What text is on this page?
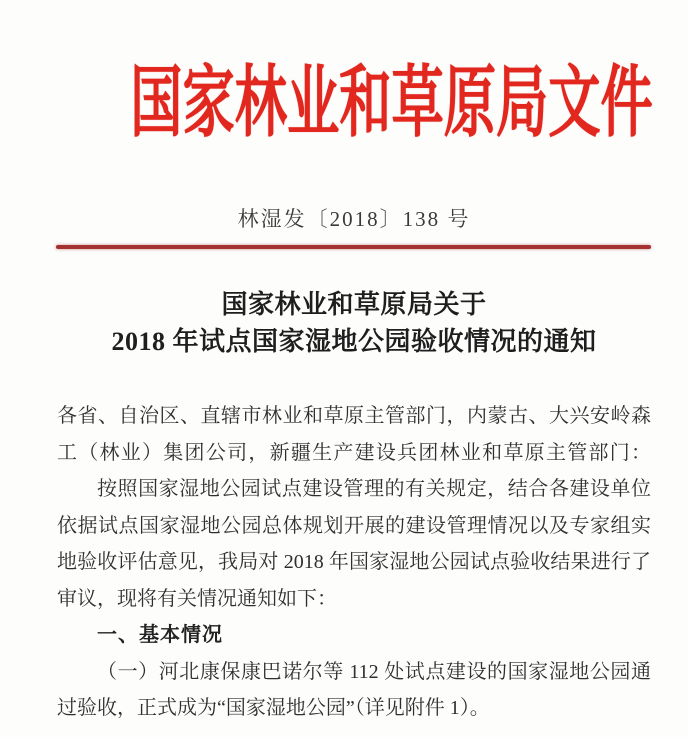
国家林业和草原局文件
林湿发〔2018〕138 号
国家林业和草原局关于
2018 年试点国家湿地公园验收情况的通知

各省、自治区、直辖市林业和草原主管部门，内蒙古、大兴安岭森工（林业）集团公司，新疆生产建设兵团林业和草原主管部门：

按照国家湿地公园试点建设管理的有关规定，结合各建设单位依据试点国家湿地公园总体规划开展的建设管理情况以及专家组实地验收评估意见，我局对 2018 年国家湿地公园试点验收结果进行了审议，现将有关情况通知如下：

一、基本情况

（一）河北康保康巴诺尔等 112 处试点建设的国家湿地公园通过验收，正式成为“国家湿地公园”（详见附件 1）。
